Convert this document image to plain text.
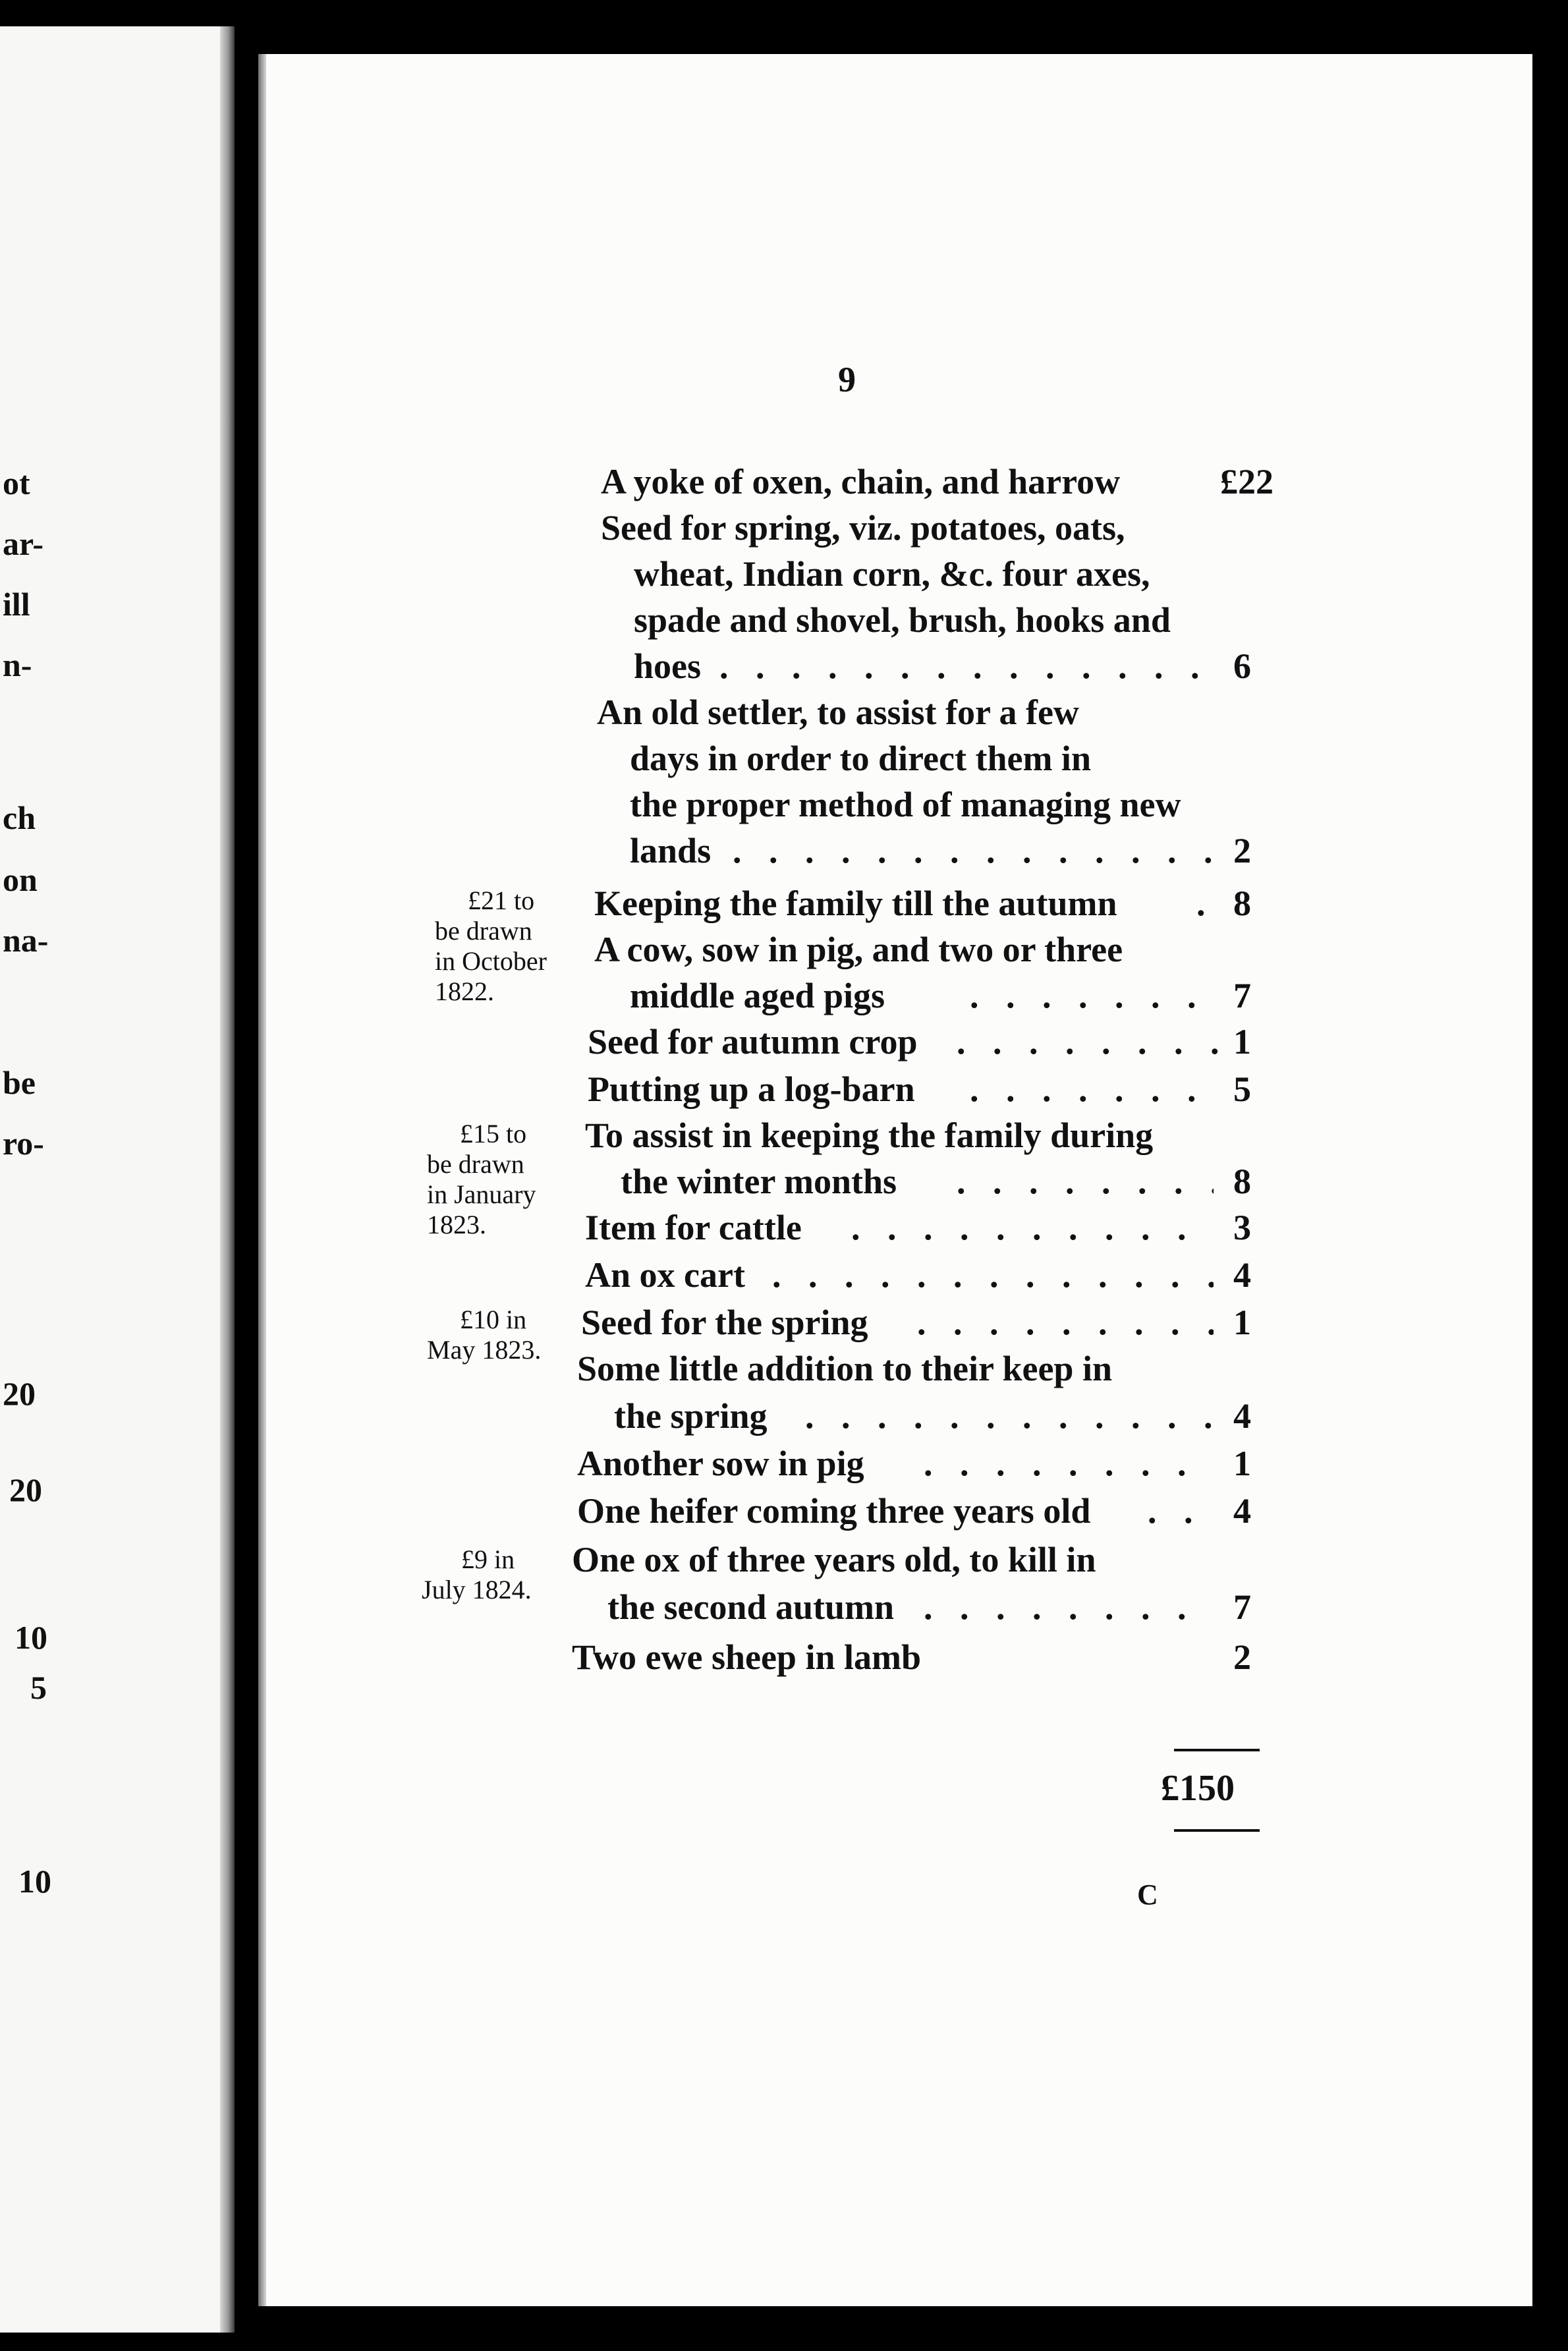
ot
ar-
ill
n-
ch
on
na-
be
ro-
20
20
10
5
10
9
A yoke of oxen, chain, and harrow	£22
Seed for spring, viz. potatoes, oats,
wheat, Indian corn, &c. four axes,
spade and shovel, brush, hooks and
hoes . . .	6
An old settler, to assist for a few
days in order to direct them in
the proper method of managing new
lands . . .	2
£21 to
be drawn
in October
1822.
Keeping the family till the autumn . . .	8
A cow, sow in pig, and two or three
middle aged pigs . . .	7
Seed for autumn crop . . .	1
Putting up a log-barn . . .	5
£15 to
be drawn
in January
1823.
To assist in keeping the family during
the winter months . . .	8
Item for cattle . . .	3
An ox cart . . .	4
£10 in
May 1823.
Seed for the spring . . .	1
Some little addition to their keep in
the spring . . .	4
Another sow in pig . . .	1
One heifer coming three years old . . .	4
£9 in
July 1824.
One ox of three years old, to kill in
the second autumn . . .	7
Two ewe sheep in lamb	2
£150
C
